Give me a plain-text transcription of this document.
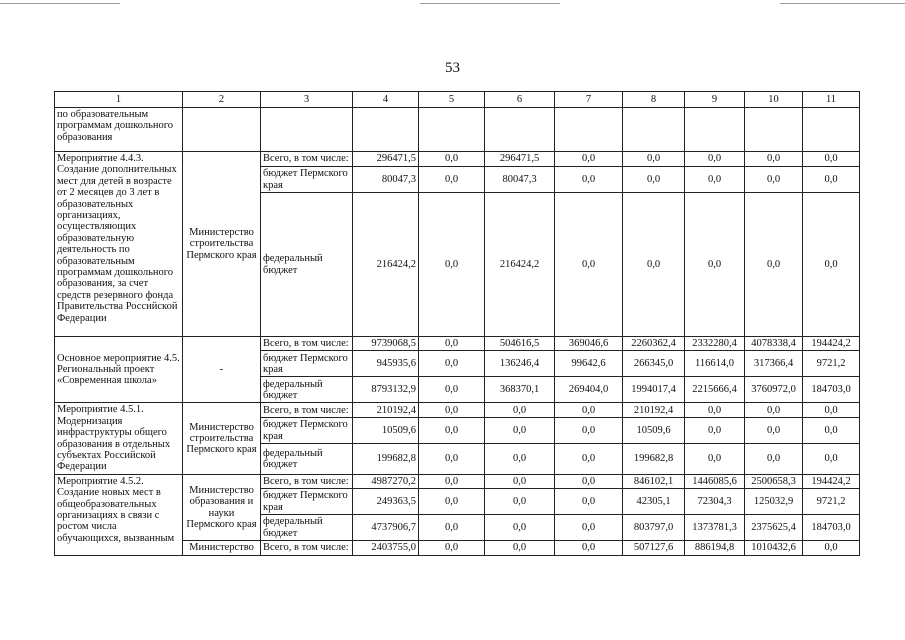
53
1	2	3	4	5	6	7	8	9	10	11
по образовательным программам дошкольного образования										
Мероприятие 4.4.3. Создание дополнительных мест для детей в возрасте от 2 месяцев до 3 лет в образовательных организациях, осуществляющих образовательную деятельность по образовательным программам дошкольного образования, за счет средств резервного фонда Правительства Российской Федерации	Министерство строительства Пермского края	Всего, в том числе:	296471,5	0,0	296471,5	0,0	0,0	0,0	0,0	0,0
		бюджет Пермского края	80047,3	0,0	80047,3	0,0	0,0	0,0	0,0	0,0
		федеральный бюджет	216424,2	0,0	216424,2	0,0	0,0	0,0	0,0	0,0
Основное мероприятие 4.5. Региональный проект «Современная школа»	-	Всего, в том числе:	9739068,5	0,0	504616,5	369046,6	2260362,4	2332280,4	4078338,4	194424,2
		бюджет Пермского края	945935,6	0,0	136246,4	99642,6	266345,0	116614,0	317366,4	9721,2
		федеральный бюджет	8793132,9	0,0	368370,1	269404,0	1994017,4	2215666,4	3760972,0	184703,0
Мероприятие 4.5.1. Модернизация инфраструктуры общего образования в отдельных субъектах Российской Федерации	Министерство строительства Пермского края	Всего, в том числе:	210192,4	0,0	0,0	0,0	210192,4	0,0	0,0	0,0
		бюджет Пермского края	10509,6	0,0	0,0	0,0	10509,6	0,0	0,0	0,0
		федеральный бюджет	199682,8	0,0	0,0	0,0	199682,8	0,0	0,0	0,0
Мероприятие 4.5.2. Создание новых мест в общеобразовательных организациях в связи с ростом числа обучающихся, вызванным	Министерство образования и науки Пермского края	Всего, в том числе:	4987270,2	0,0	0,0	0,0	846102,1	1446085,6	2500658,3	194424,2
		бюджет Пермского края	249363,5	0,0	0,0	0,0	42305,1	72304,3	125032,9	9721,2
		федеральный бюджет	4737906,7	0,0	0,0	0,0	803797,0	1373781,3	2375625,4	184703,0
	Министерство	Всего, в том числе:	2403755,0	0,0	0,0	0,0	507127,6	886194,8	1010432,6	0,0
